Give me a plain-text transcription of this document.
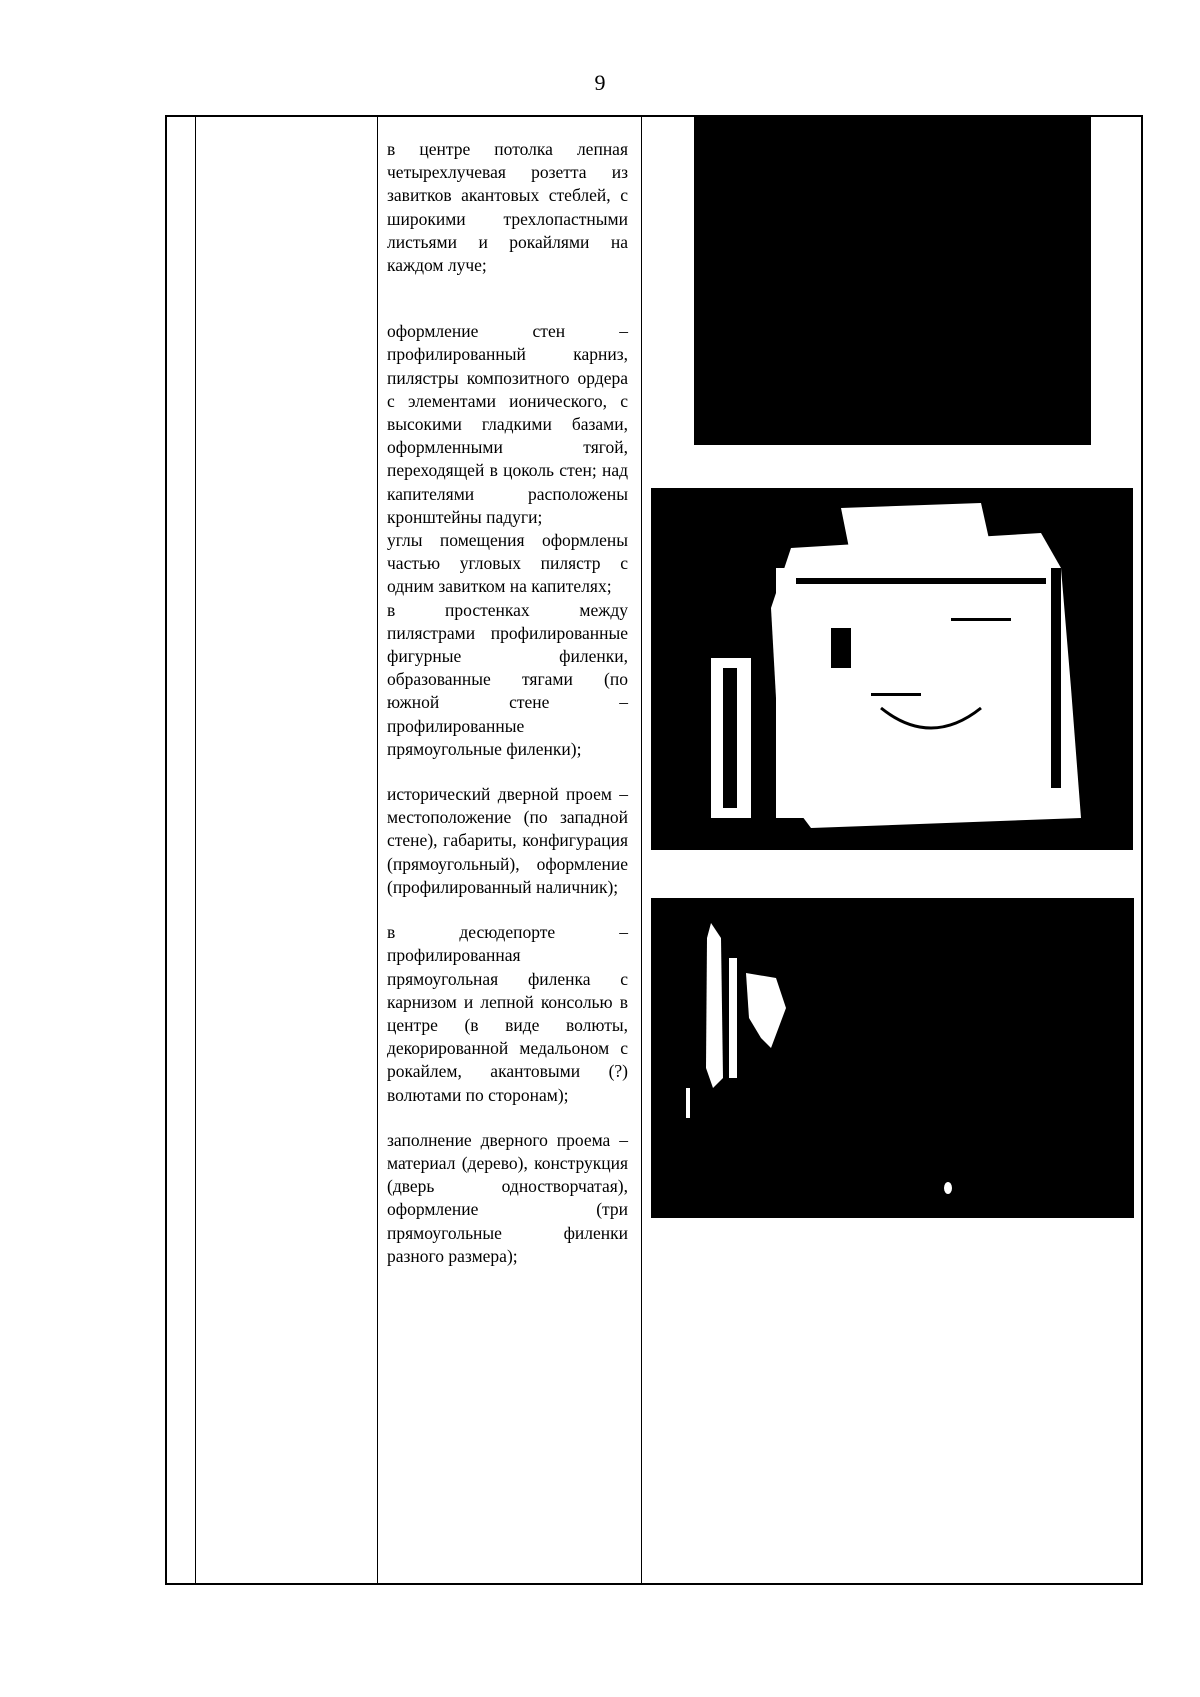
9

в центре потолка лепная четырехлучевая розетта из завитков акантовых стеблей, с широкими трехлопастными листьями и рокайлями на каждом луче;

оформление стен – профилированный карниз, пилястры композитного ордера с элементами ионического, с высокими гладкими базами, оформленными тягой, переходящей в цоколь стен; над капителями расположены кронштейны падуги;

углы помещения оформлены частью угловых пилястр с одним завитком на капителях;

в простенках между пилястрами профилированные фигурные филенки, образованные тягами (по южной стене – профилированные прямоугольные филенки);

исторический дверной проем – местоположение (по западной стене), габариты, конфигурация (прямоугольный), оформление (профилированный наличник);

в десюдепорте – профилированная прямоугольная филенка с карнизом и лепной консолью в центре (в виде волюты, декорированной медальоном с рокайлем, акантовыми (?) волютами по сторонам);

заполнение дверного проема – материал (дерево), конструкция (дверь одностворчатая), оформление (три прямоугольные филенки разного размера);
